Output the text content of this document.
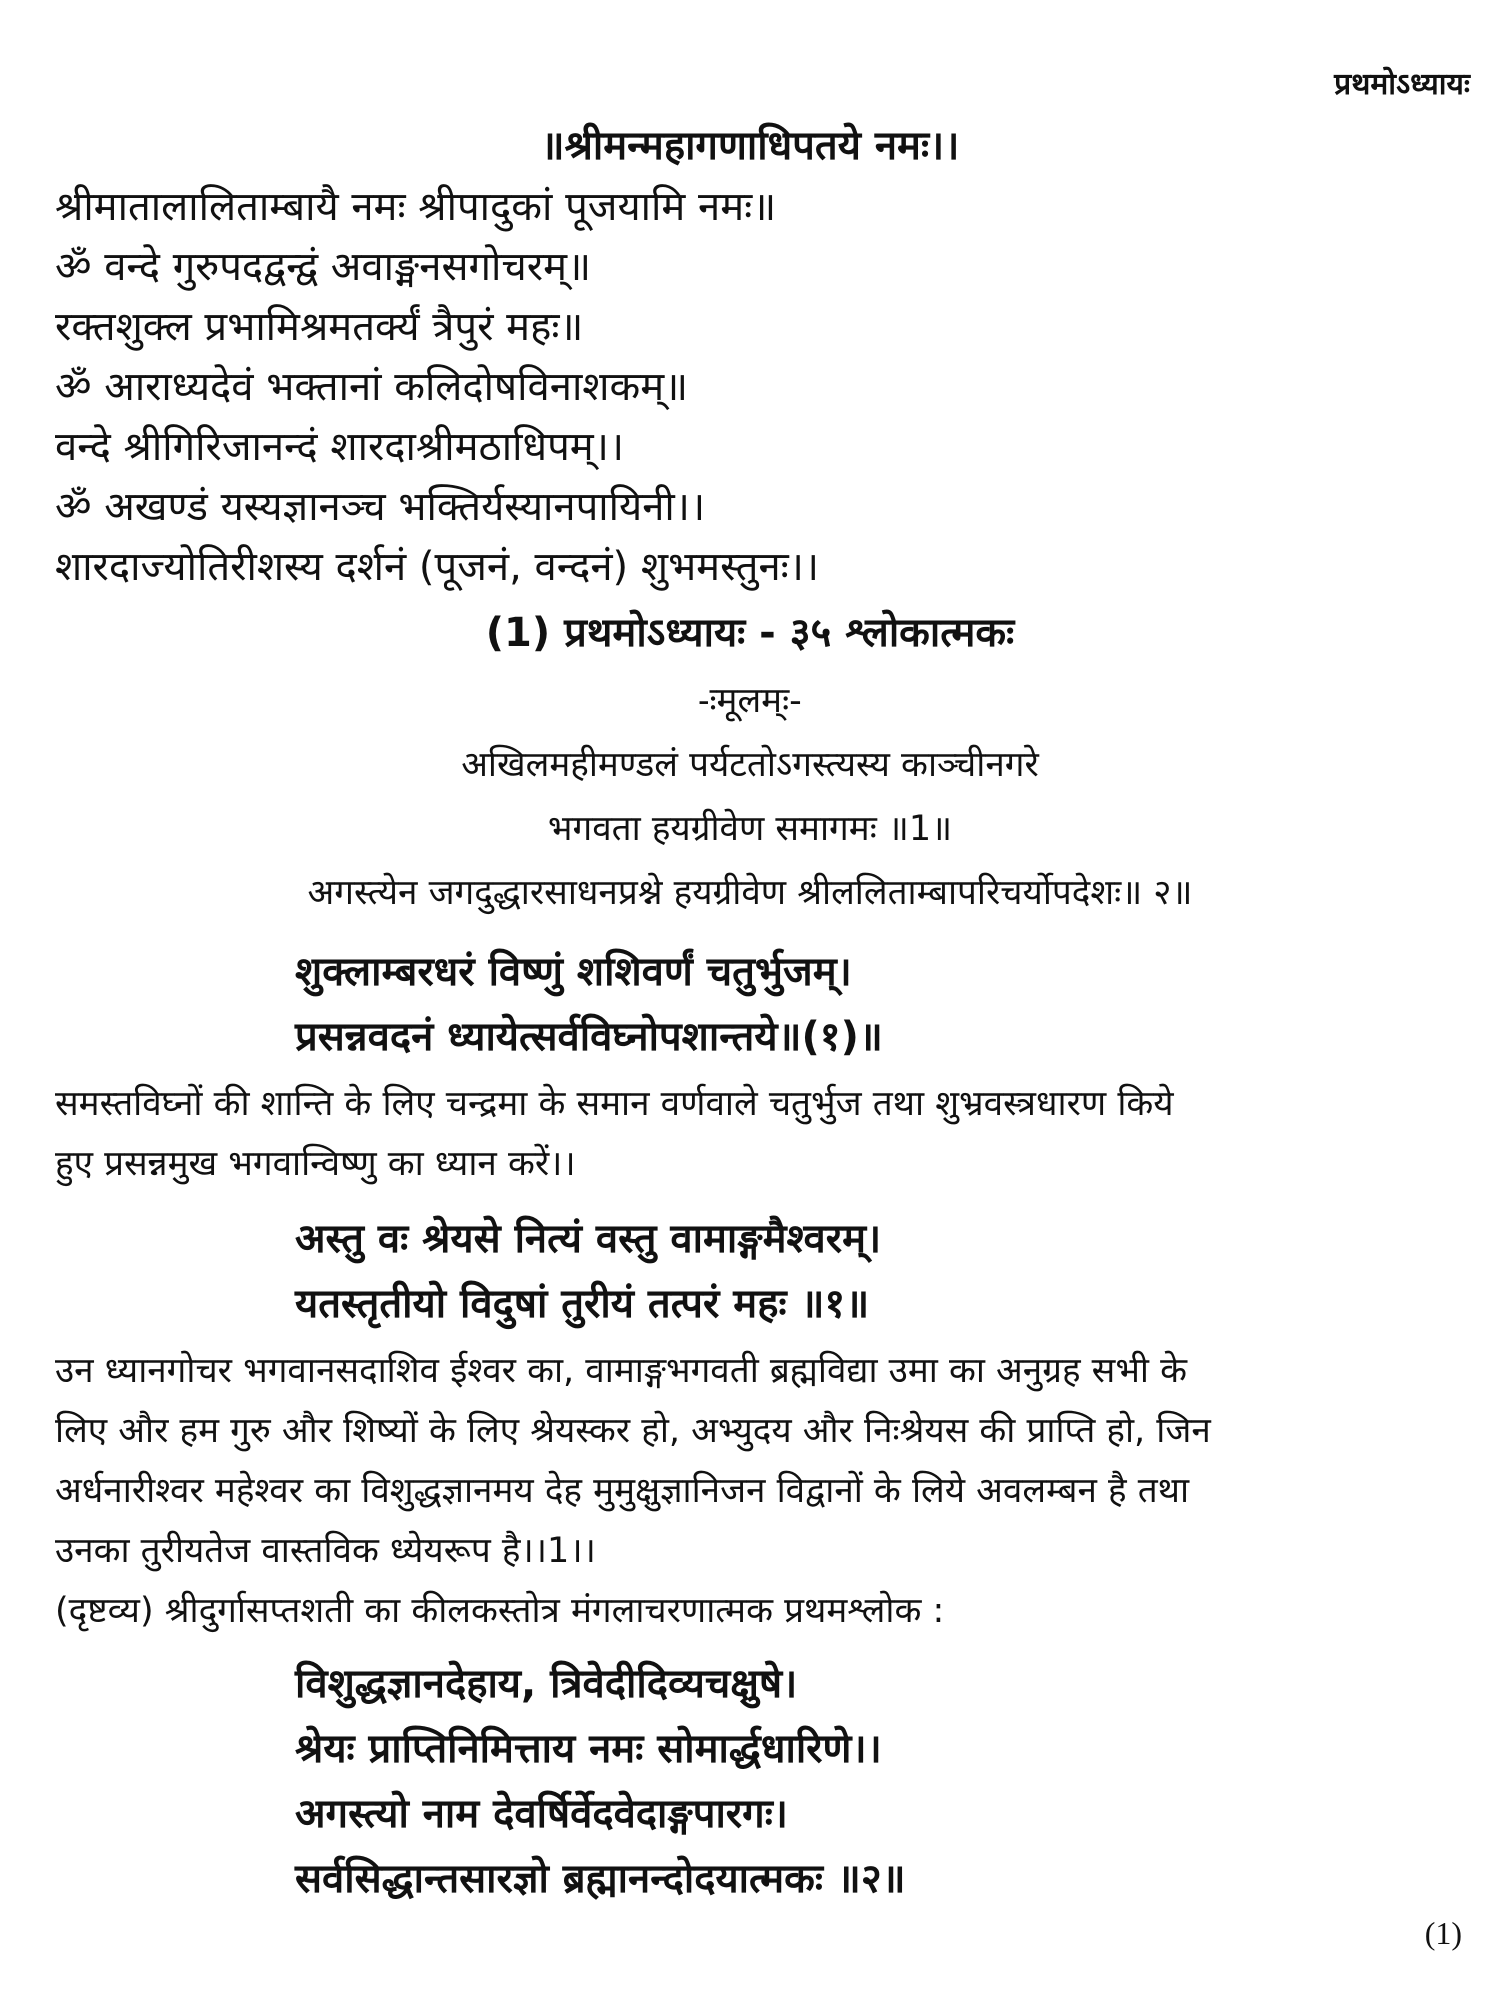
प्रथमोऽध्यायः
॥श्रीमन्महागणाधिपतये नमः।।
श्रीमातालालिताम्बायै नमः श्रीपादुकां पूजयामि नमः॥
ॐ वन्दे गुरुपदद्वन्द्वं अवाङ्मनसगोचरम्॥
रक्तशुक्ल प्रभामिश्रमतर्क्यं त्रैपुरं महः॥
ॐ आराध्यदेवं भक्तानां कलिदोषविनाशकम्॥
वन्दे श्रीगिरिजानन्दं शारदाश्रीमठाधिपम्।।
ॐ अखण्डं यस्यज्ञानञ्च भक्तिर्यस्यानपायिनी।।
शारदाज्योतिरीशस्य दर्शनं (पूजनं, वन्दनं) शुभमस्तुनः।।
(1) प्रथमोऽध्यायः - ३५ श्लोकात्मकः
-ःमूलम्ः-
अखिलमहीमण्डलं पर्यटतोऽगस्त्यस्य काञ्चीनगरे
भगवता हयग्रीवेण समागमः ॥1॥
अगस्त्येन जगदुद्धारसाधनप्रश्ने हयग्रीवेण श्रीललिताम्बापरिचर्योपदेशः॥ २॥
शुक्लाम्बरधरं विष्णुं शशिवर्णं चतुर्भुजम्।
प्रसन्नवदनं ध्यायेत्सर्वविघ्नोपशान्तये॥(१)॥
समस्तविघ्नों की शान्ति के लिए चन्द्रमा के समान वर्णवाले चतुर्भुज तथा शुभ्रवस्त्रधारण किये
हुए प्रसन्नमुख भगवान्विष्णु का ध्यान करें।।
अस्तु वः श्रेयसे नित्यं वस्तु वामाङ्गमैश्वरम्।
यतस्तृतीयो विदुषां तुरीयं तत्परं महः ॥१॥
उन ध्यानगोचर भगवानसदाशिव ईश्वर का, वामाङ्गभगवती ब्रह्मविद्या उमा का अनुग्रह सभी के
लिए और हम गुरु और शिष्यों के लिए श्रेयस्कर हो, अभ्युदय और निःश्रेयस की प्राप्ति हो, जिन
अर्धनारीश्वर महेश्वर का विशुद्धज्ञानमय देह मुमुक्षुज्ञानिजन विद्वानों के लिये अवलम्बन है तथा
उनका तुरीयतेज वास्तविक ध्येयरूप है।।1।।
(दृष्टव्य) श्रीदुर्गासप्तशती का कीलकस्तोत्र मंगलाचरणात्मक प्रथमश्लोक :
विशुद्धज्ञानदेहाय, त्रिवेदीदिव्यचक्षुषे।
श्रेयः प्राप्तिनिमित्ताय नमः सोमार्द्धधारिणे।।
अगस्त्यो नाम देवर्षिर्वेदवेदाङ्गपारगः।
सर्वसिद्धान्तसारज्ञो ब्रह्मानन्दोदयात्मकः ॥२॥
(1)
